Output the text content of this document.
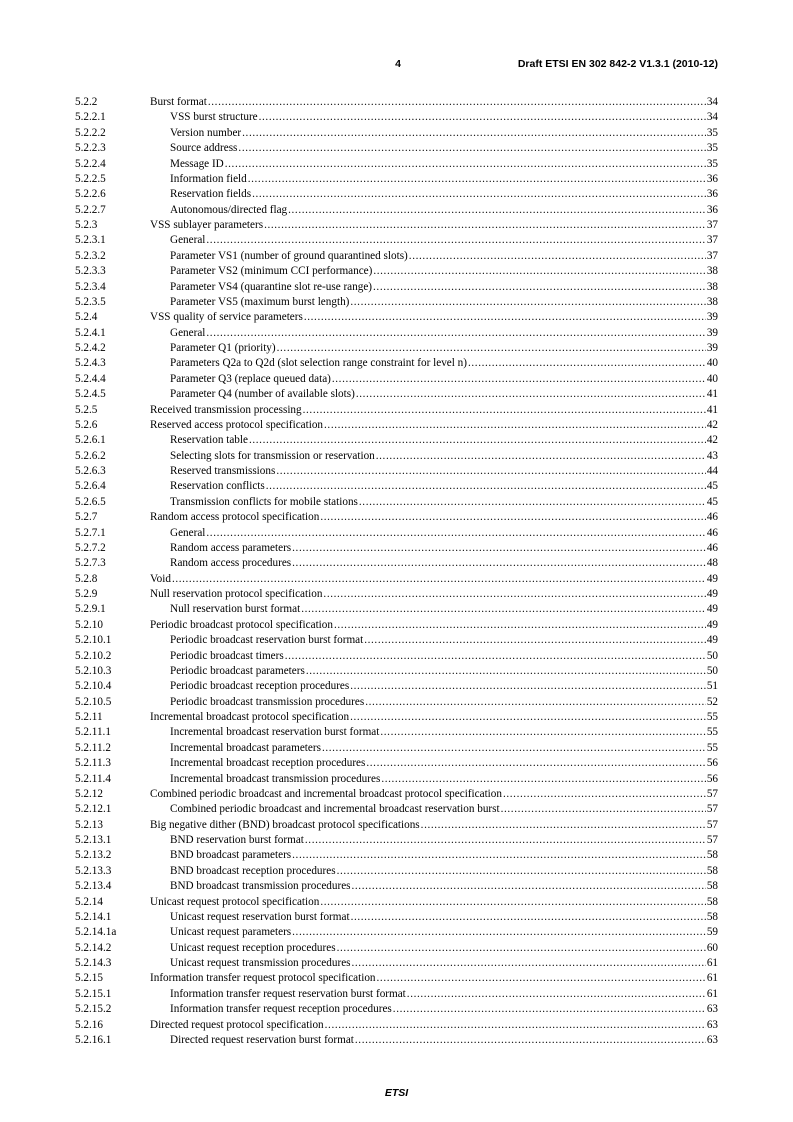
4	Draft ETSI EN 302 842-2 V1.3.1 (2010-12)
5.2.2	Burst format .....	34
5.2.2.1	VSS burst structure .....	34
5.2.2.2	Version number .....	35
5.2.2.3	Source address .....	35
5.2.2.4	Message ID .....	35
5.2.2.5	Information field .....	36
5.2.2.6	Reservation fields .....	36
5.2.2.7	Autonomous/directed flag .....	36
5.2.3	VSS sublayer parameters .....	37
5.2.3.1	General .....	37
5.2.3.2	Parameter VS1 (number of ground quarantined slots) .....	37
5.2.3.3	Parameter VS2 (minimum CCI performance) .....	38
5.2.3.4	Parameter VS4 (quarantine slot re-use range) .....	38
5.2.3.5	Parameter VS5 (maximum burst length) .....	38
5.2.4	VSS quality of service parameters .....	39
5.2.4.1	General .....	39
5.2.4.2	Parameter Q1 (priority) .....	39
5.2.4.3	Parameters Q2a to Q2d (slot selection range constraint for level n) .....	40
5.2.4.4	Parameter Q3 (replace queued data) .....	40
5.2.4.5	Parameter Q4 (number of available slots) .....	41
5.2.5	Received transmission processing .....	41
5.2.6	Reserved access protocol specification .....	42
5.2.6.1	Reservation table .....	42
5.2.6.2	Selecting slots for transmission or reservation .....	43
5.2.6.3	Reserved transmissions .....	44
5.2.6.4	Reservation conflicts .....	45
5.2.6.5	Transmission conflicts for mobile stations .....	45
5.2.7	Random access protocol specification .....	46
5.2.7.1	General .....	46
5.2.7.2	Random access parameters .....	46
5.2.7.3	Random access procedures .....	48
5.2.8	Void .....	49
5.2.9	Null reservation protocol specification .....	49
5.2.9.1	Null reservation burst format .....	49
5.2.10	Periodic broadcast protocol specification .....	49
5.2.10.1	Periodic broadcast reservation burst format .....	49
5.2.10.2	Periodic broadcast timers .....	50
5.2.10.3	Periodic broadcast parameters .....	50
5.2.10.4	Periodic broadcast reception procedures .....	51
5.2.10.5	Periodic broadcast transmission procedures .....	52
5.2.11	Incremental broadcast protocol specification .....	55
5.2.11.1	Incremental broadcast reservation burst format .....	55
5.2.11.2	Incremental broadcast parameters .....	55
5.2.11.3	Incremental broadcast reception procedures .....	56
5.2.11.4	Incremental broadcast transmission procedures .....	56
5.2.12	Combined periodic broadcast and incremental broadcast protocol specification .....	57
5.2.12.1	Combined periodic broadcast and incremental broadcast reservation burst .....	57
5.2.13	Big negative dither (BND) broadcast protocol specifications .....	57
5.2.13.1	BND reservation burst format .....	57
5.2.13.2	BND broadcast parameters .....	58
5.2.13.3	BND broadcast reception procedures .....	58
5.2.13.4	BND broadcast transmission procedures .....	58
5.2.14	Unicast request protocol specification .....	58
5.2.14.1	Unicast request reservation burst format .....	58
5.2.14.1a	Unicast request parameters .....	59
5.2.14.2	Unicast request reception procedures .....	60
5.2.14.3	Unicast request transmission procedures .....	61
5.2.15	Information transfer request protocol specification .....	61
5.2.15.1	Information transfer request reservation burst format .....	61
5.2.15.2	Information transfer request reception procedures .....	63
5.2.16	Directed request protocol specification .....	63
5.2.16.1	Directed request reservation burst format .....	63
ETSI
